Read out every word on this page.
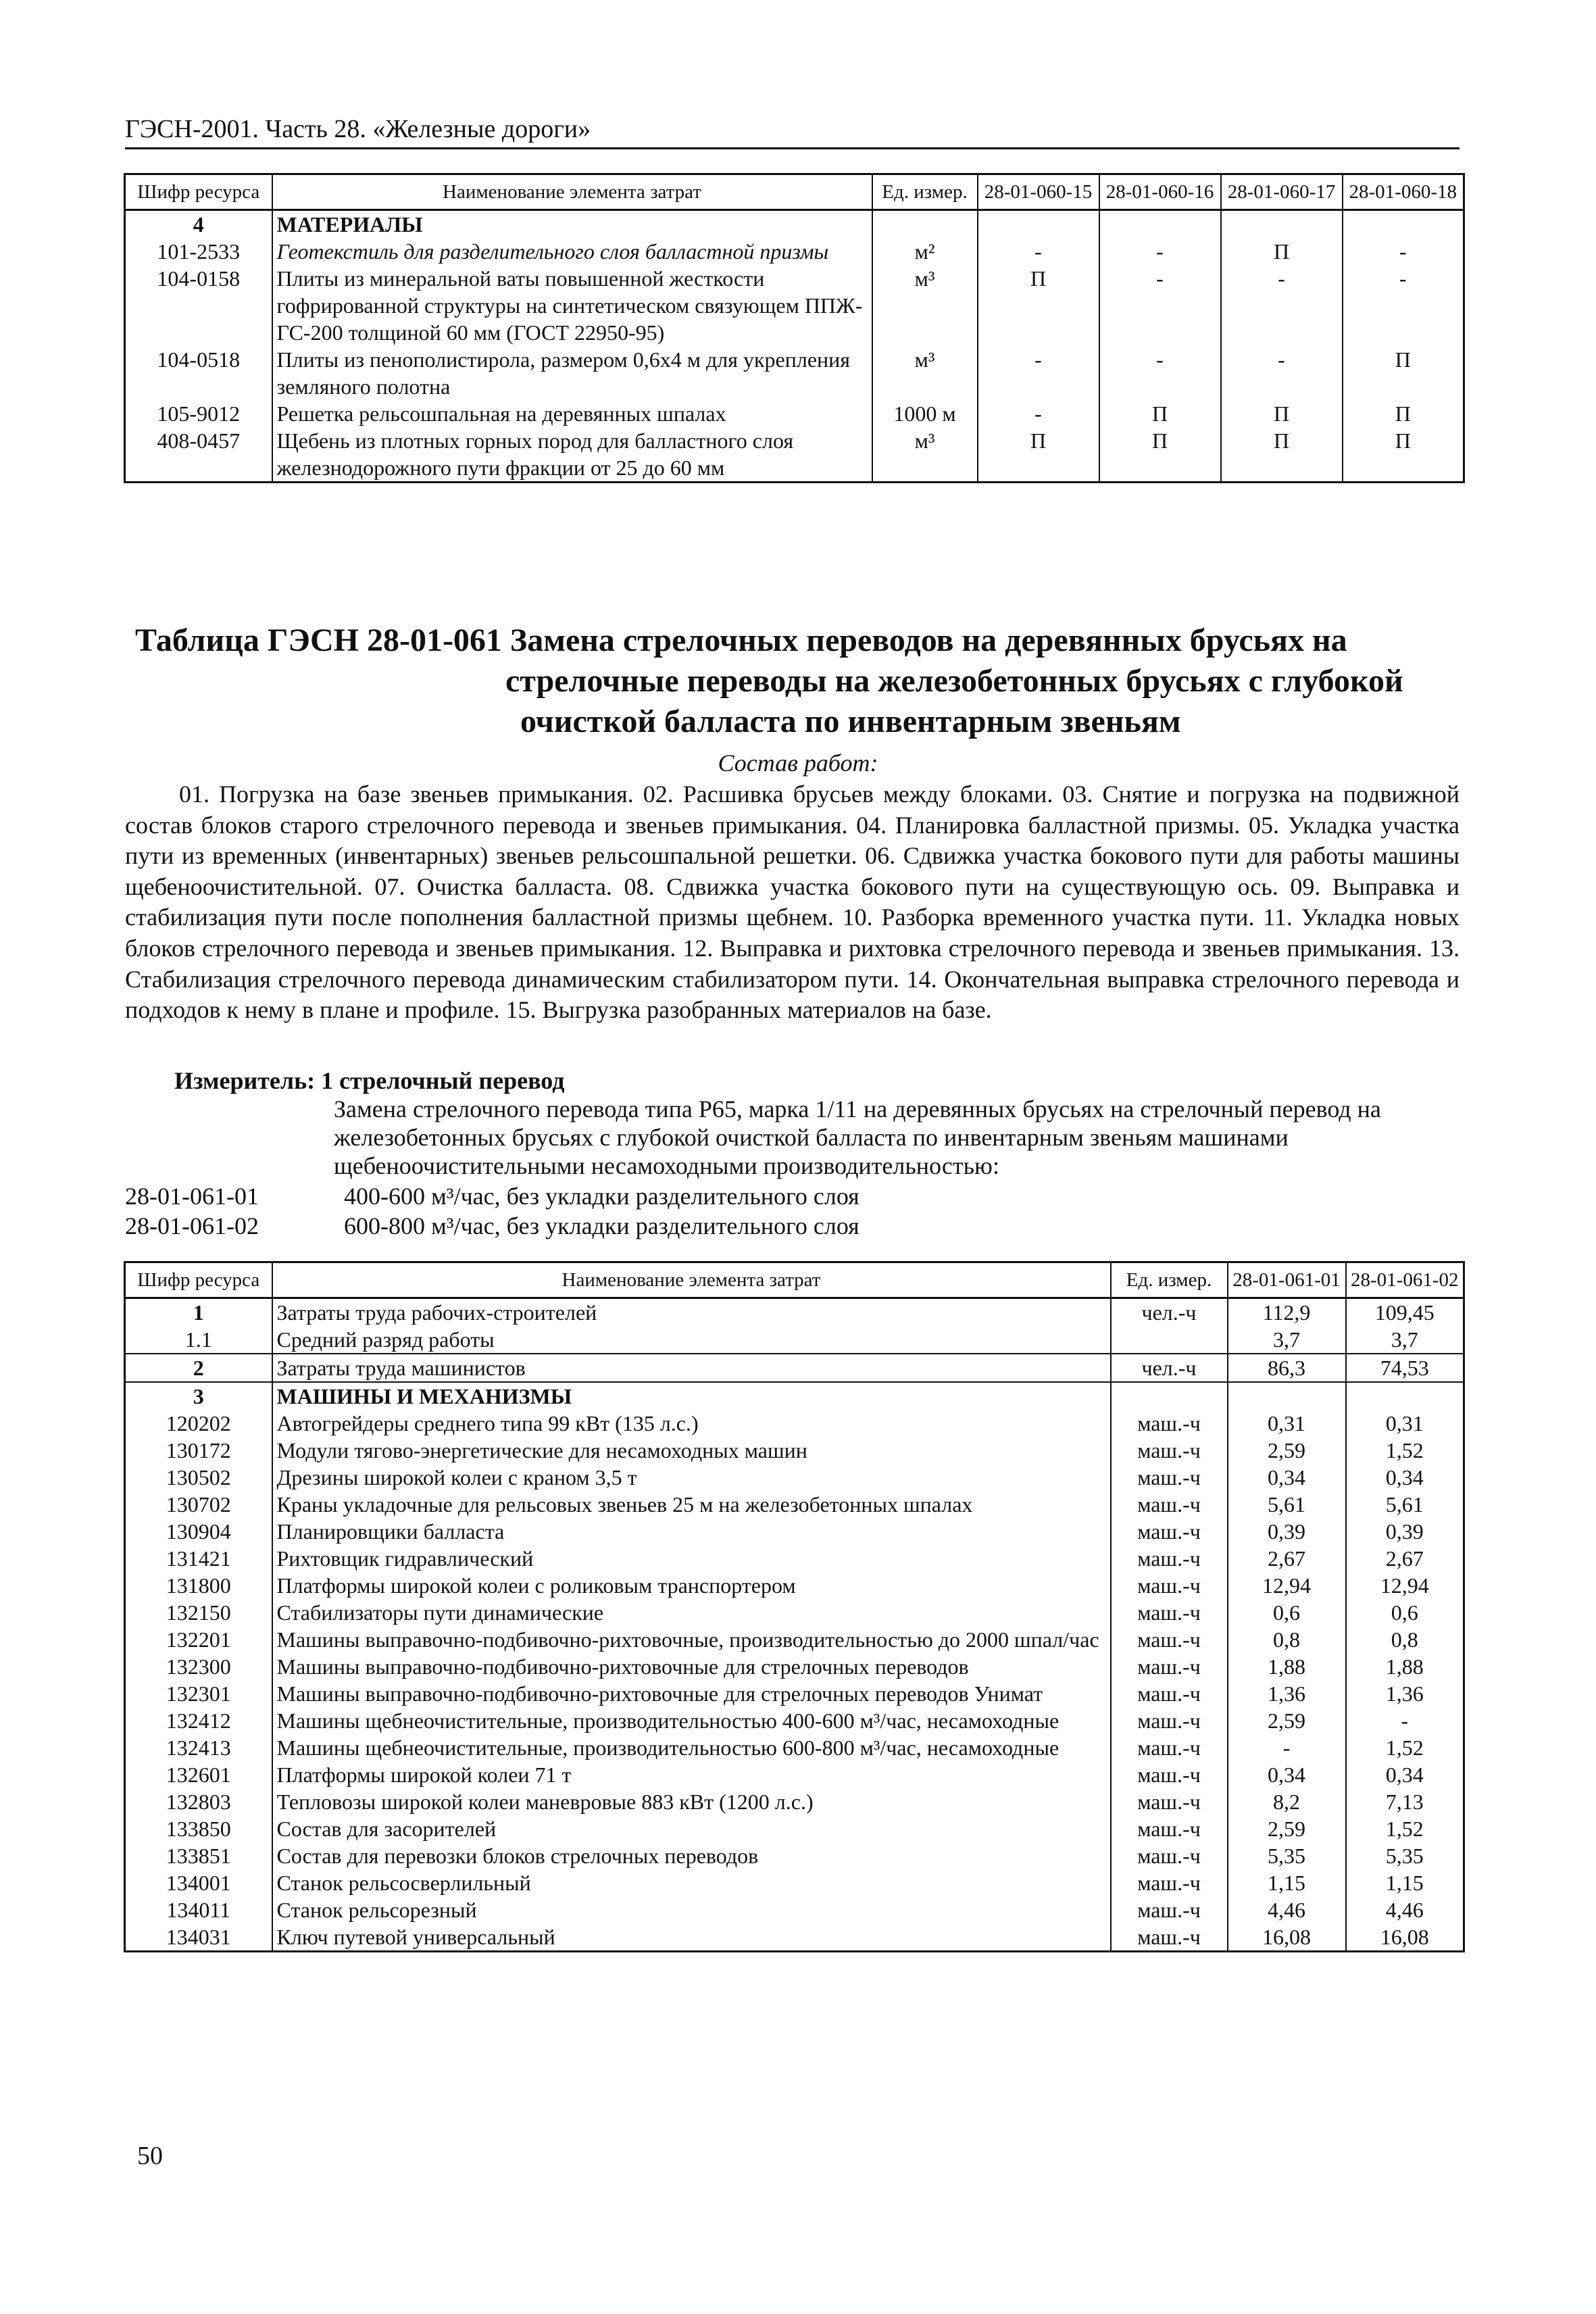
ГЭСН-2001. Часть 28. «Железные дороги»
Шифр ресурса	Наименование элемента затрат	Ед. измер.	28-01-060-15	28-01-060-16	28-01-060-17	28-01-060-18
4	МАТЕРИАЛЫ					
101-2533	Геотекстиль для разделительного слоя балластной призмы	м²	-	-	П	-
104-0158	Плиты из минеральной ваты повышенной жесткости гофрированной структуры на синтетическом связующем ППЖ-ГС-200 толщиной 60 мм (ГОСТ 22950-95)	м³	П	-	-	-
104-0518	Плиты из пенополистирола, размером 0,6х4 м для укрепления земляного полотна	м³	-	-	-	П
105-9012	Решетка рельсошпальная на деревянных шпалах	1000 м	-	П	П	П
408-0457	Щебень из плотных горных пород для балластного слоя железнодорожного пути фракции от 25 до 60 мм	м³	П	П	П	П
Таблица ГЭСН 28-01-061 Замена стрелочных переводов на деревянных брусьях на
стрелочные переводы на железобетонных брусьях с глубокой
очисткой балласта по инвентарным звеньям
Состав работ:
01. Погрузка на базе звеньев примыкания. 02. Расшивка брусьев между блоками. 03. Снятие и погрузка на подвижной состав блоков старого стрелочного перевода и звеньев примыкания. 04. Планировка балластной призмы. 05. Укладка участка пути из временных (инвентарных) звеньев рельсошпальной решетки. 06. Сдвижка участка бокового пути для работы машины щебеноочистительной. 07. Очистка балласта. 08. Сдвижка участка бокового пути на существующую ось. 09. Выправка и стабилизация пути после пополнения балластной призмы щебнем. 10. Разборка временного участка пути. 11. Укладка новых блоков стрелочного перевода и звеньев примыкания. 12. Выправка и рихтовка стрелочного перевода и звеньев примыкания. 13. Стабилизация стрелочного перевода динамическим стабилизатором пути. 14. Окончательная выправка стрелочного перевода и подходов к нему в плане и профиле. 15. Выгрузка разобранных материалов на базе.
Измеритель: 1 стрелочный перевод
Замена стрелочного перевода типа Р65, марка 1/11 на деревянных брусьях на стрелочный перевод на железобетонных брусьях с глубокой очисткой балласта по инвентарным звеньям машинами щебеноочистительными несамоходными производительностью:
28-01-061-01	400-600 м³/час, без укладки разделительного слоя
28-01-061-02	600-800 м³/час, без укладки разделительного слоя
Шифр ресурса	Наименование элемента затрат	Ед. измер.	28-01-061-01	28-01-061-02
1	Затраты труда рабочих-строителей	чел.-ч	112,9	109,45
1.1	Средний разряд работы		3,7	3,7
2	Затраты труда машинистов	чел.-ч	86,3	74,53
3	МАШИНЫ И МЕХАНИЗМЫ			
120202	Автогрейдеры среднего типа 99 кВт (135 л.с.)	маш.-ч	0,31	0,31
130172	Модули тягово-энергетические для несамоходных машин	маш.-ч	2,59	1,52
130502	Дрезины широкой колеи с краном 3,5 т	маш.-ч	0,34	0,34
130702	Краны укладочные для рельсовых звеньев 25 м на железобетонных шпалах	маш.-ч	5,61	5,61
130904	Планировщики балласта	маш.-ч	0,39	0,39
131421	Рихтовщик гидравлический	маш.-ч	2,67	2,67
131800	Платформы широкой колеи с роликовым транспортером	маш.-ч	12,94	12,94
132150	Стабилизаторы пути динамические	маш.-ч	0,6	0,6
132201	Машины выправочно-подбивочно-рихтовочные, производительностью до 2000 шпал/час	маш.-ч	0,8	0,8
132300	Машины выправочно-подбивочно-рихтовочные для стрелочных переводов	маш.-ч	1,88	1,88
132301	Машины выправочно-подбивочно-рихтовочные для стрелочных переводов Унимат	маш.-ч	1,36	1,36
132412	Машины щебнеочистительные, производительностью 400-600 м³/час, несамоходные	маш.-ч	2,59	-
132413	Машины щебнеочистительные, производительностью 600-800 м³/час, несамоходные	маш.-ч	-	1,52
132601	Платформы широкой колеи 71 т	маш.-ч	0,34	0,34
132803	Тепловозы широкой колеи маневровые 883 кВт (1200 л.с.)	маш.-ч	8,2	7,13
133850	Состав для засорителей	маш.-ч	2,59	1,52
133851	Состав для перевозки блоков стрелочных переводов	маш.-ч	5,35	5,35
134001	Станок рельсосверлильный	маш.-ч	1,15	1,15
134011	Станок рельсорезный	маш.-ч	4,46	4,46
134031	Ключ путевой универсальный	маш.-ч	16,08	16,08
50
